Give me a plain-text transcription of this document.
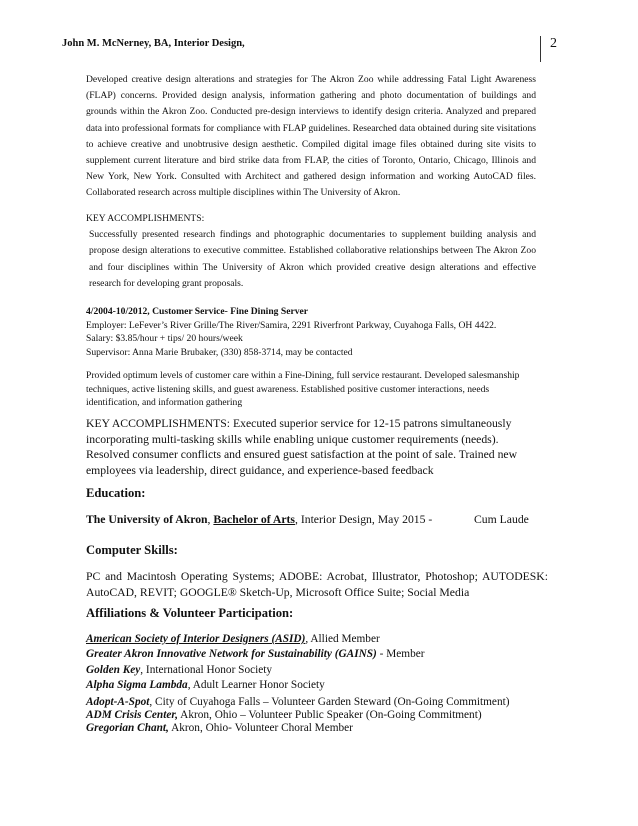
John M. McNerney, BA, Interior Design,	2

Developed creative design alterations and strategies for The Akron Zoo while addressing Fatal Light Awareness (FLAP) concerns. Provided design analysis, information gathering and photo documentation of buildings and grounds within the Akron Zoo. Conducted pre-design interviews to identify design criteria. Analyzed and prepared data into professional formats for compliance with FLAP guidelines. Researched data obtained during site visitations to achieve creative and unobtrusive design aesthetic. Compiled digital image files obtained during site visits to supplement current literature and bird strike data from FLAP, the cities of Toronto, Ontario, Chicago, Illinois and New York, New York. Consulted with Architect and gathered design information and working AutoCAD files. Collaborated research across multiple disciplines within The University of Akron.

KEY ACCOMPLISHMENTS:

Successfully presented research findings and photographic documentaries to supplement building analysis and propose design alterations to executive committee. Established collaborative relationships between The Akron Zoo and four disciplines within The University of Akron which provided creative design alterations and effective research for developing grant proposals.

4/2004-10/2012, Customer Service- Fine Dining Server

Employer: LeFever’s River Grille/The River/Samira, 2291 Riverfront Parkway, Cuyahoga Falls, OH 4422.

Salary: $3.85/hour + tips/ 20 hours/week

Supervisor: Anna Marie Brubaker, (330) 858-3714, may be contacted

Provided optimum levels of customer care within a Fine-Dining, full service restaurant. Developed salesmanship techniques, active listening skills, and guest awareness. Established positive customer interactions, needs identification, and information gathering

KEY ACCOMPLISHMENTS: Executed superior service for 12-15 patrons simultaneously incorporating multi-tasking skills while enabling unique customer requirements (needs). Resolved consumer conflicts and ensured guest satisfaction at the point of sale. Trained new employees via leadership, direct guidance, and experience-based feedback

Education:
The University of Akron, Bachelor of Arts, Interior Design, May 2015 -	Cum Laude
Computer Skills:
PC and Macintosh Operating Systems; ADOBE: Acrobat, Illustrator, Photoshop; AUTODESK: AutoCAD, REVIT; GOOGLE® Sketch-Up, Microsoft Office Suite; Social Media
Affiliations & Volunteer Participation:
American Society of Interior Designers (ASID), Allied Member
Greater Akron Innovative Network for Sustainability (GAINS) - Member
Golden Key, International Honor Society
Alpha Sigma Lambda, Adult Learner Honor Society
Adopt-A-Spot, City of Cuyahoga Falls – Volunteer Garden Steward (On-Going Commitment)
ADM Crisis Center, Akron, Ohio – Volunteer Public Speaker (On-Going Commitment)
Gregorian Chant, Akron, Ohio- Volunteer Choral Member
